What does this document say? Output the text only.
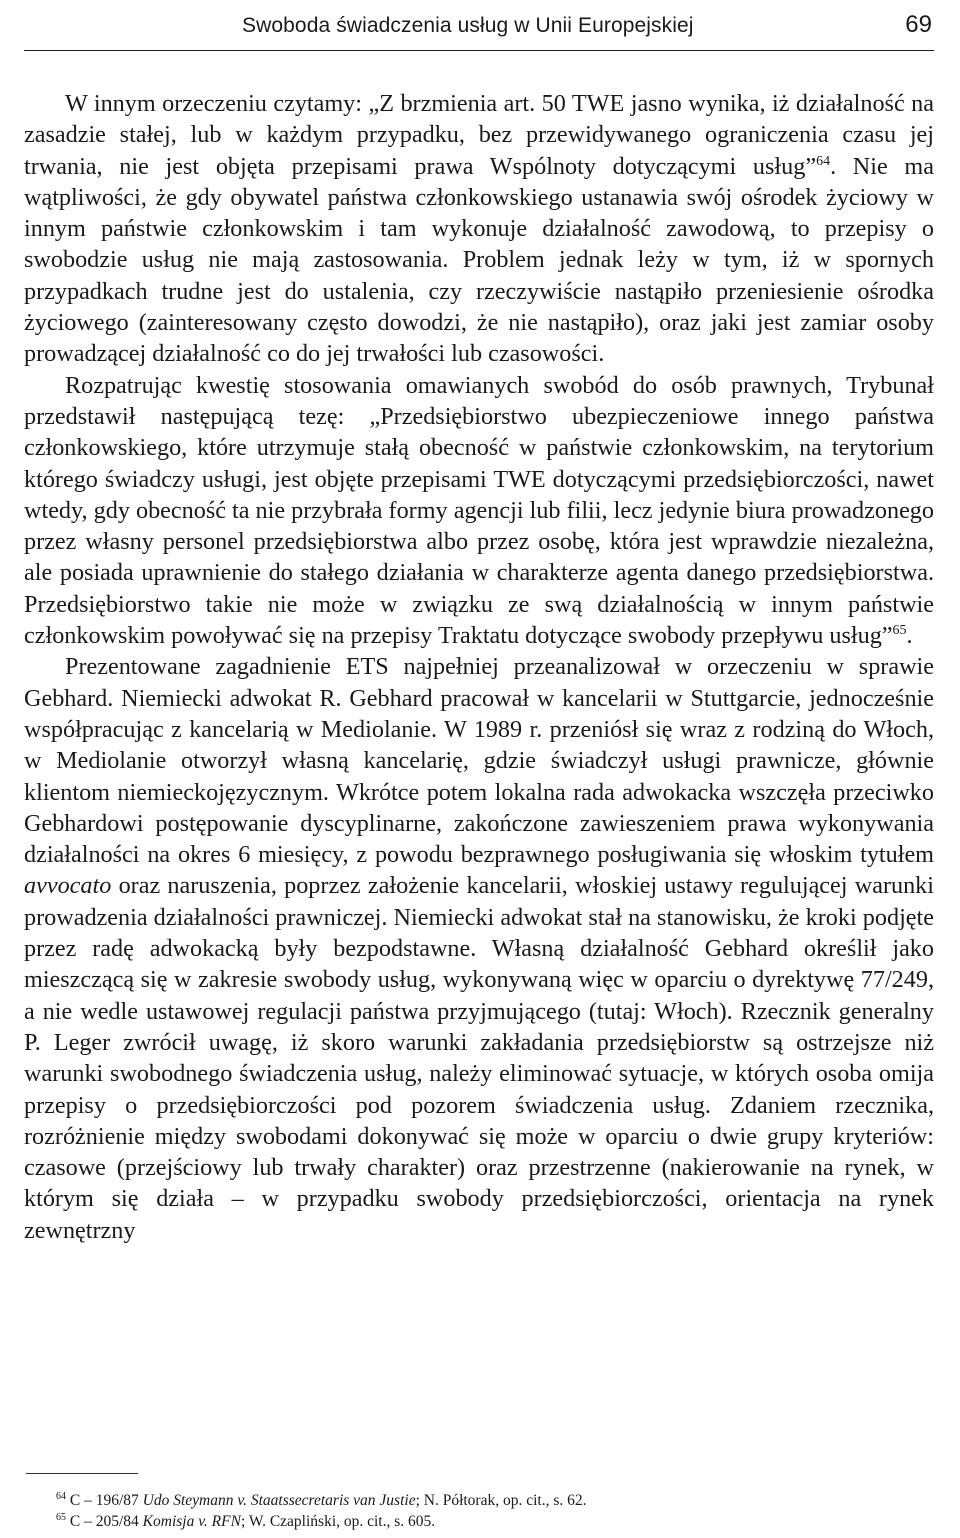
Swoboda świadczenia usług w Unii Europejskiej	69

W innym orzeczeniu czytamy: „Z brzmienia art. 50 TWE jasno wynika, iż działalność na zasadzie stałej, lub w każdym przypadku, bez przewidywanego ograniczenia czasu jej trwania, nie jest objęta przepisami prawa Wspólnoty dotyczącymi usług”$^{64}$. Nie ma wątpliwości, że gdy obywatel państwa członkowskiego ustanawia swój ośrodek życiowy w innym państwie członkowskim i tam wykonuje działalność zawodową, to przepisy o swobodzie usług nie mają zastosowania. Problem jednak leży w tym, iż w spornych przypadkach trudne jest do ustalenia, czy rzeczywiście nastąpiło przeniesienie ośrodka życiowego (zainteresowany często dowodzi, że nie nastąpiło), oraz jaki jest zamiar osoby prowadzącej działalność co do jej trwałości lub czasowości.

Rozpatrując kwestię stosowania omawianych swobód do osób prawnych, Trybunał przedstawił następującą tezę: „Przedsiębiorstwo ubezpieczeniowe innego państwa członkowskiego, które utrzymuje stałą obecność w państwie członkowskim, na terytorium którego świadczy usługi, jest objęte przepisami TWE dotyczącymi przedsiębiorczości, nawet wtedy, gdy obecność ta nie przybrała formy agencji lub filii, lecz jedynie biura prowadzonego przez własny personel przedsiębiorstwa albo przez osobę, która jest wprawdzie niezależna, ale posiada uprawnienie do stałego działania w charakterze agenta danego przedsiębiorstwa. Przedsiębiorstwo takie nie może w związku ze swą działalnością w innym państwie członkowskim powoływać się na przepisy Traktatu dotyczące swobody przepływu usług”$^{65}$.

Prezentowane zagadnienie ETS najpełniej przeanalizował w orzeczeniu w sprawie Gebhard. Niemiecki adwokat R. Gebhard pracował w kancelarii w Stuttgarcie, jednocześnie współpracując z kancelarią w Mediolanie. W 1989 r. przeniósł się wraz z rodziną do Włoch, w Mediolanie otworzył własną kancelarię, gdzie świadczył usługi prawnicze, głównie klientom niemieckojęzycznym. Wkrótce potem lokalna rada adwokacka wszczęła przeciwko Gebhardowi postępowanie dyscyplinarne, zakończone zawieszeniem prawa wykonywania działalności na okres 6 miesięcy, z powodu bezprawnego posługiwania się włoskim tytułem avvocato oraz naruszenia, poprzez założenie kancelarii, włoskiej ustawy regulującej warunki prowadzenia działalności prawniczej. Niemiecki adwokat stał na stanowisku, że kroki podjęte przez radę adwokacką były bezpodstawne. Własną działalność Gebhard określił jako mieszczącą się w zakresie swobody usług, wykonywaną więc w oparciu o dyrektywę 77/249, a nie wedle ustawowej regulacji państwa przyjmującego (tutaj: Włoch). Rzecznik generalny P. Leger zwrócił uwagę, iż skoro warunki zakładania przedsiębiorstw są ostrzejsze niż warunki swobodnego świadczenia usług, należy eliminować sytuacje, w których osoba omija przepisy o przedsiębiorczości pod pozorem świadczenia usług. Zdaniem rzecznika, rozróżnienie między swobodami dokonywać się może w oparciu o dwie grupy kryteriów: czasowe (przejściowy lub trwały charakter) oraz przestrzenne (nakierowanie na rynek, w którym się działa – w przypadku swobody przedsiębiorczości, orientacja na rynek zewnętrzny

$^{64}$ C – 196/87 Udo Steymann v. Staatssecretaris van Justie; N. Półtorak, op. cit., s. 62.

$^{65}$ C – 205/84 Komisja v. RFN; W. Czapliński, op. cit., s. 605.
